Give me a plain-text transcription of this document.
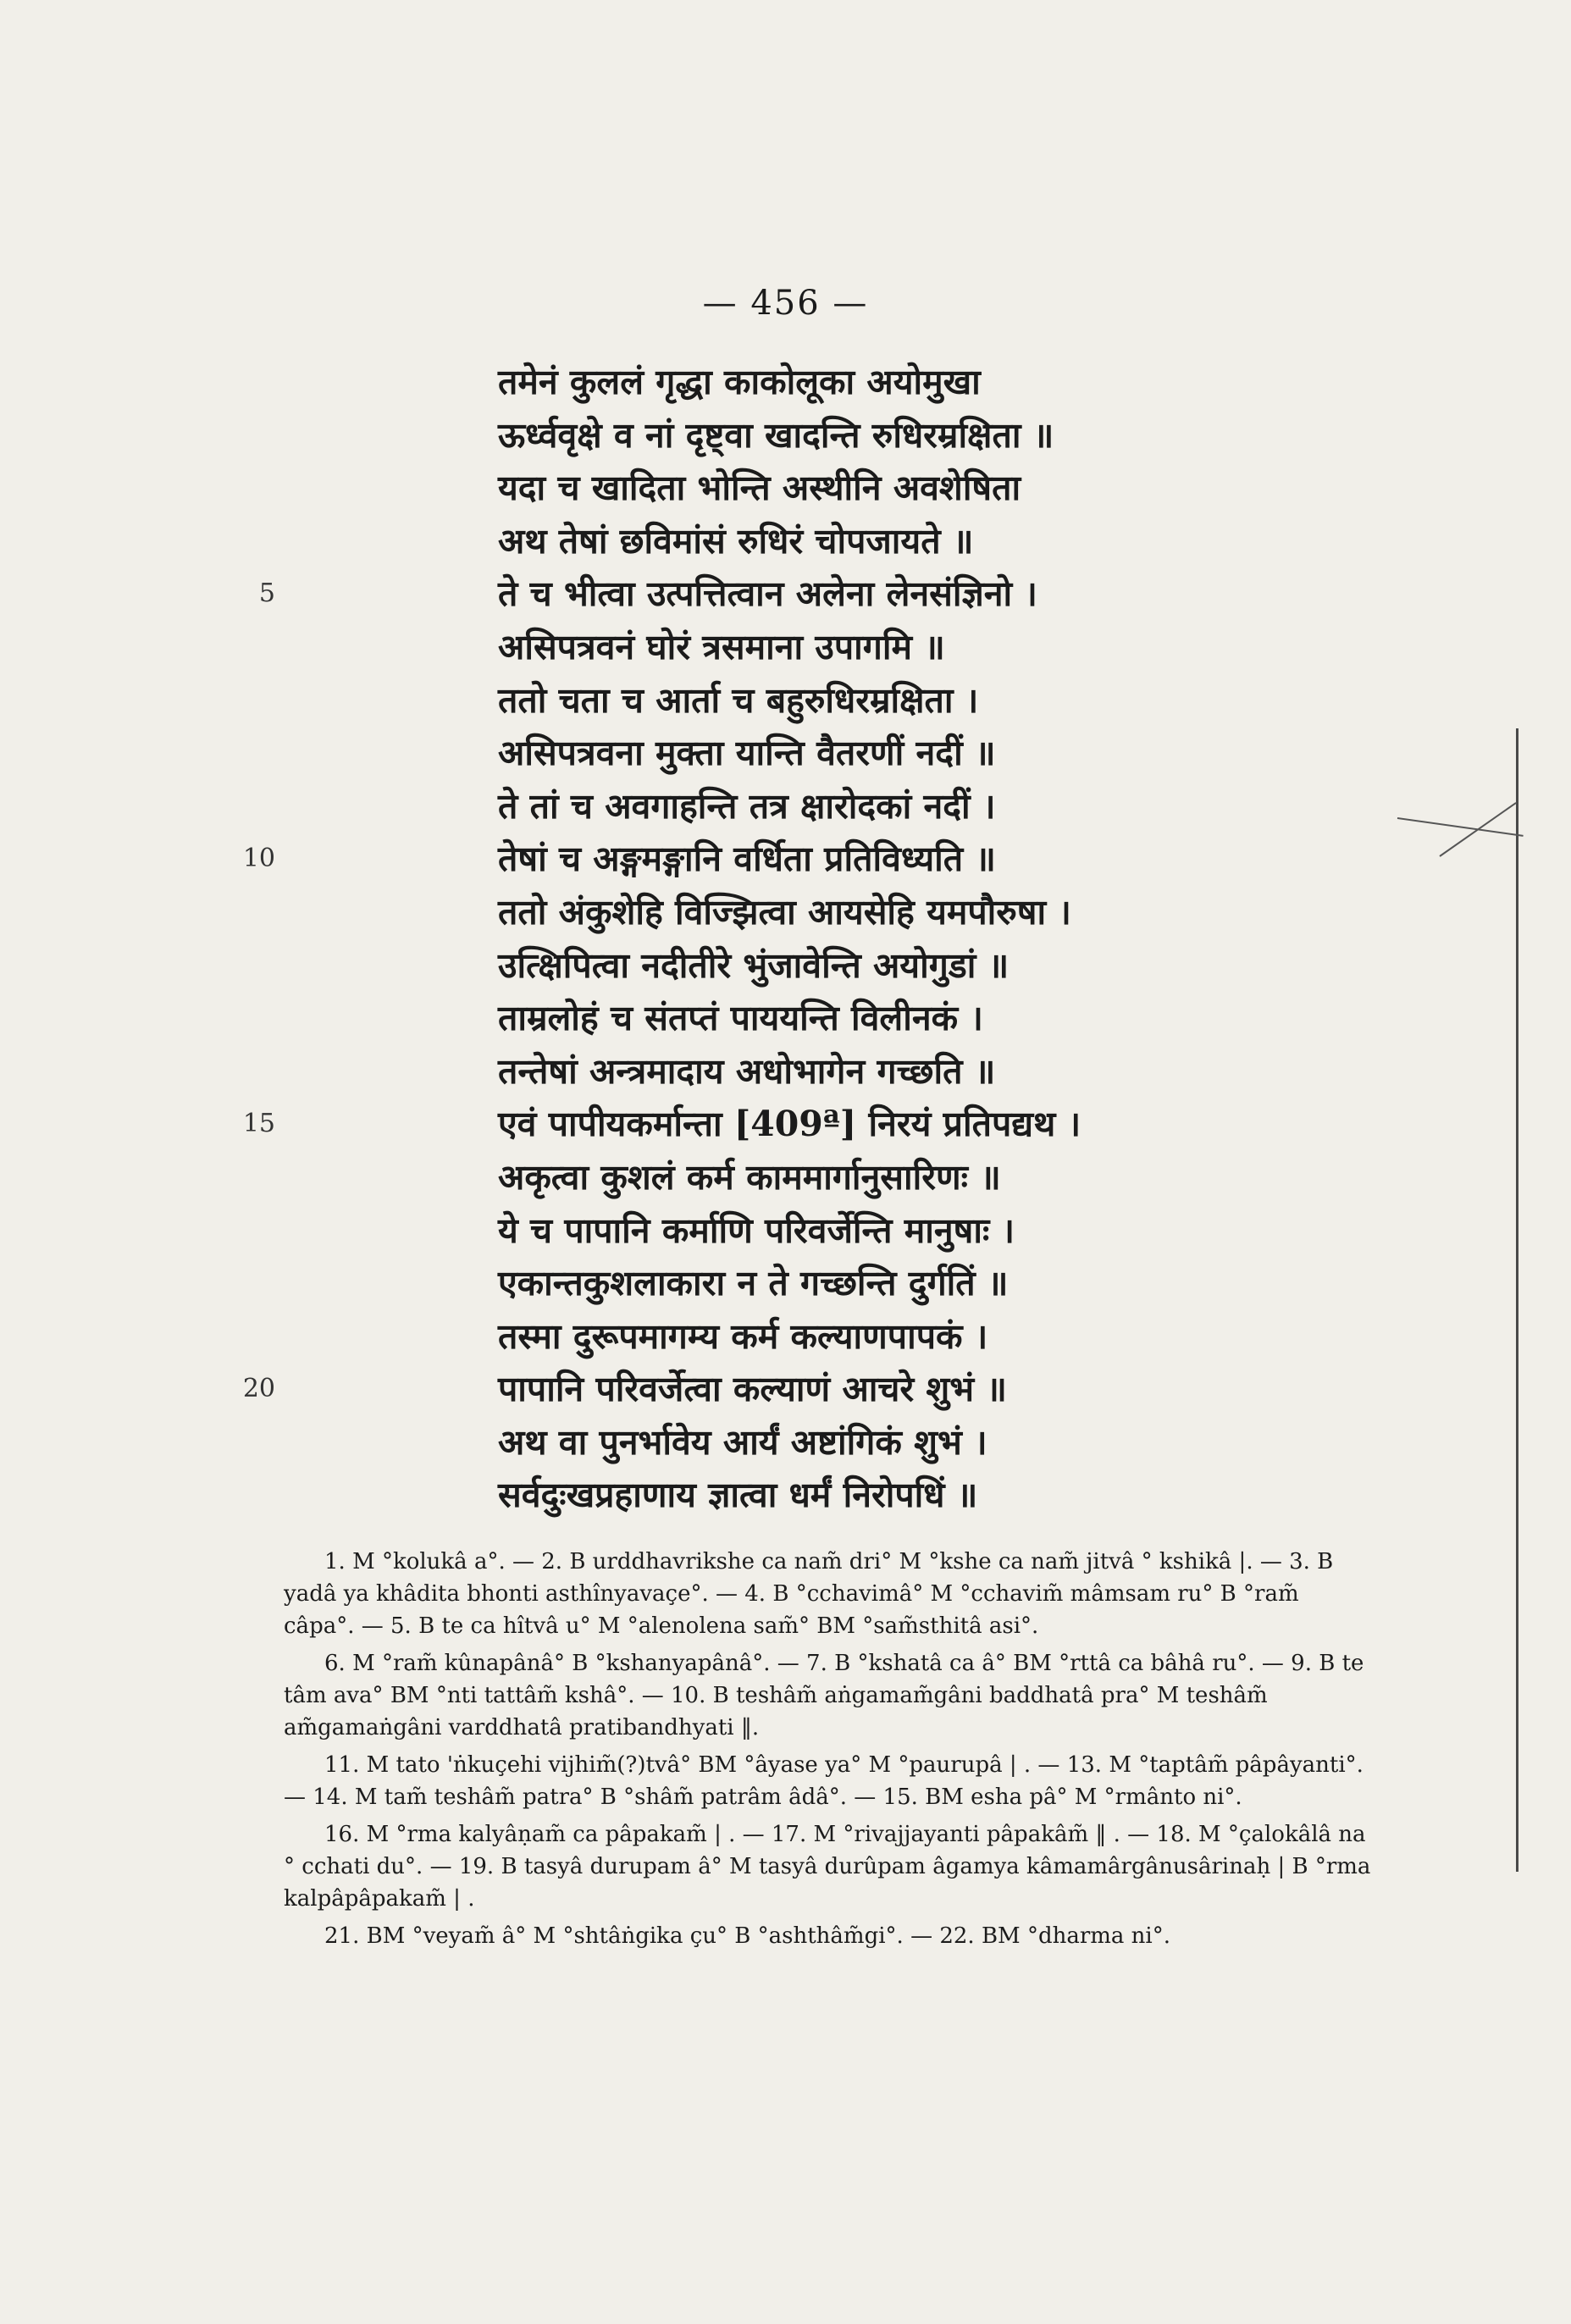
— 456 —
तमेनं कुललं गृद्धा काकोलूका अयोमुखा
ऊर्ध्ववृक्षे व नां दृष्ट्वा खादन्ति रुधिरम्रक्षिता ॥
यदा च खादिता भोन्ति अस्थीनि अवशेषिता
अथ तेषां छविमांसं रुधिरं चोपजायते ॥
ते च भीत्वा उत्पत्तित्वान अलेना लेनसंज्ञिनो ।
असिपत्रवनं घोरं त्रसमाना उपागमि ॥
ततो चता च आर्ता च बहुरुधिरम्रक्षिता ।
असिपत्रवना मुक्ता यान्ति वैतरणीं नदीं ॥
ते तां च अवगाहन्ति तत्र क्षारोदकां नदीं ।
तेषां च अङ्गमङ्गानि वर्धिता प्रतिविध्यति ॥
ततो अंकुशेहि विज्झित्वा आयसेहि यमपौरुषा ।
उत्क्षिपित्वा नदीतीरे भुंजावेन्ति अयोगुडां ॥
ताम्रलोहं च संतप्तं पाययन्ति विलीनकं ।
तन्तेषां अन्त्रमादाय अधोभागेन गच्छति ॥
एवं पापीयकर्मान्ता [409ª] निरयं प्रतिपद्यथ ।
अकृत्वा कुशलं कर्म काममार्गानुसारिणः ॥
ये च पापानि कर्माणि परिवर्जेन्ति मानुषाः ।
एकान्तकुशलाकारा न ते गच्छन्ति दुर्गतिं ॥
तस्मा दुरूपमागम्य कर्म कल्याणपापकं ।
पापानि परिवर्जेत्वा कल्याणं आचरे शुभं ॥
अथ वा पुनर्भावेय आर्यं अष्टांगिकं शुभं ।
सर्वदुःखप्रहाणाय ज्ञात्वा धर्मं निरोपधिं ॥
5
10
15
20

1. M °kolukâ a°. — 2. B urddhavrikshe ca nam̃ dri° M °kshe ca nam̃ jitvâ ° kshikâ |. — 3. B yadâ ya khâdita bhonti asthînyavaçe°. — 4. B °cchavimâ° M °cchavim̃ mâmsam ru° B °ram̃ câpa°. — 5. B te ca hîtvâ u° M °alenolena sam̃° BM °sam̃sthitâ asi°.

6. M °ram̃ kûnapânâ° B °kshanyapânâ°. — 7. B °kshatâ ca â° BM °rttâ ca bâhâ ru°. — 9. B te tâm ava° BM °nti tattâm̃ kshâ°. — 10. B teshâm̃ aṅgamam̃gâni baddhatâ pra° M teshâm̃ am̃gamaṅgâni varddhatâ pratibandhyati ‖.

11. M tato 'ṅkuçehi vijhim̃(?)tvâ° BM °âyase ya° M °paurupâ | . — 13. M °taptâm̃ pâpâyanti°. — 14. M tam̃ teshâm̃ patra° B °shâm̃ patrâm âdâ°. — 15. BM esha pâ° M °rmânto ni°.

16. M °rma kalyâṇam̃ ca pâpakam̃ | . — 17. M °rivajjayanti pâpakâm̃ ‖ . — 18. M °çalokâlâ na ° cchati du°. — 19. B tasyâ durupam â° M tasyâ durûpam âgamya kâmamârgânusârinaḥ | B °rma kalpâpâpakam̃ | .

21. BM °veyam̃ â° M °shtâṅgika çu° B °ashthâm̃gi°. — 22. BM °dharma ni°.
